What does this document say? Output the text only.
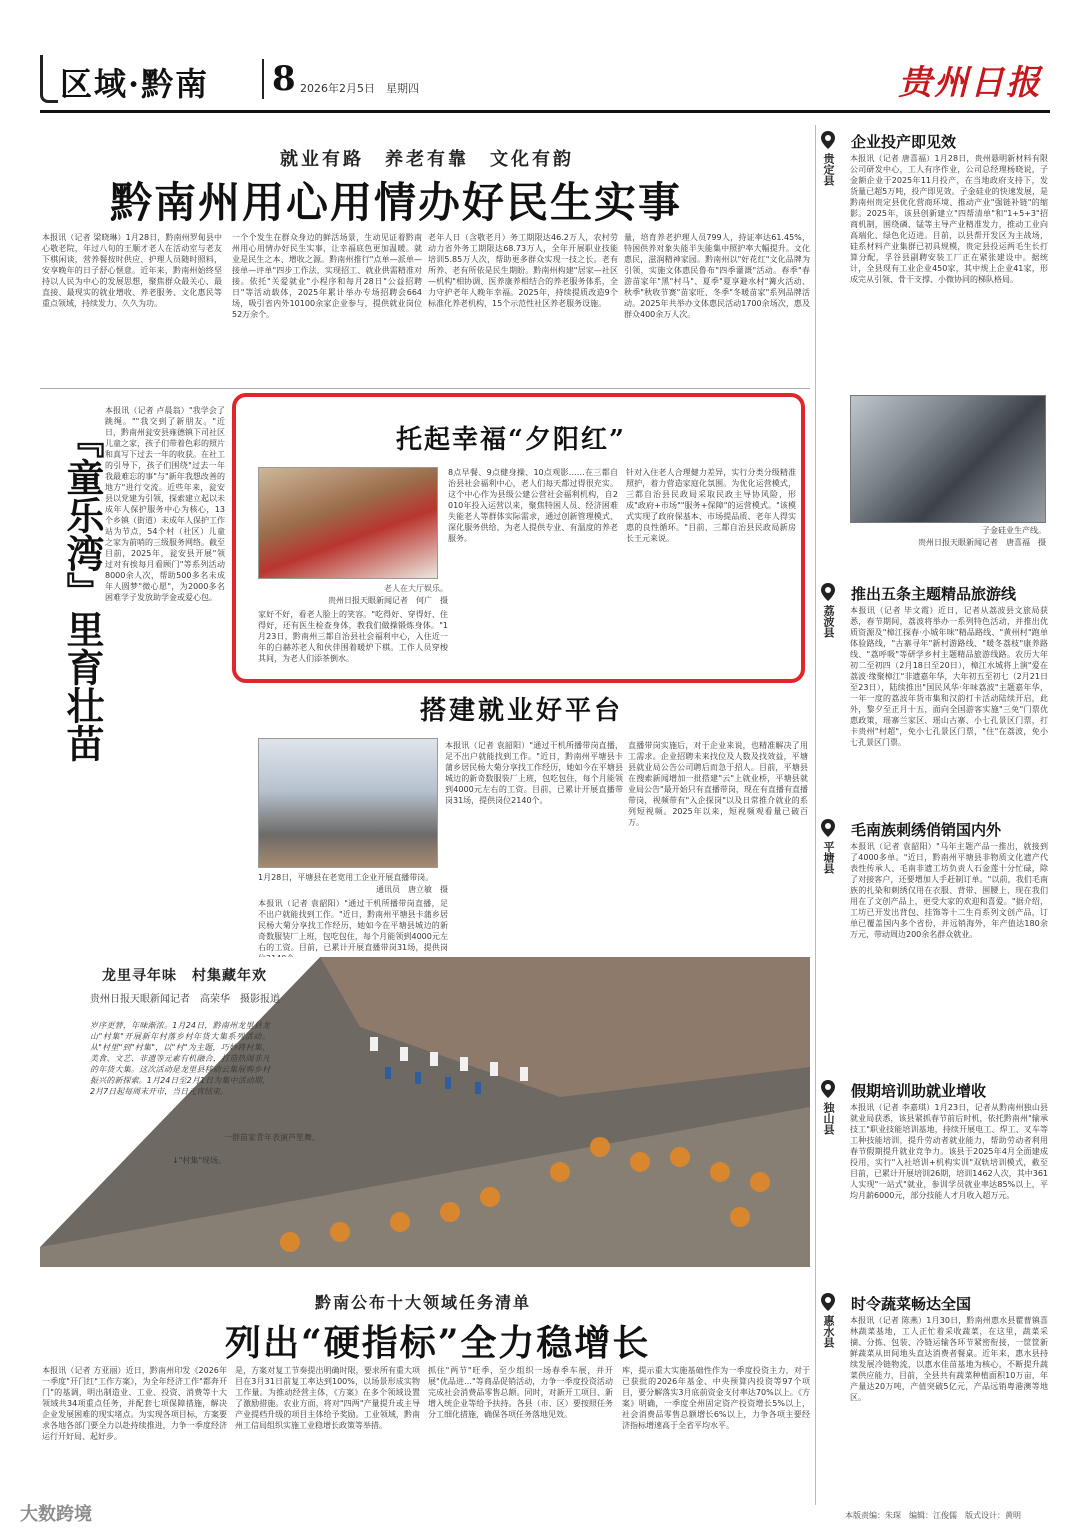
区域·黔南 8 2026年2月5日　星期四	贵州日报
就业有路　养老有靠　文化有韵
黔南州用心用情办好民生实事
本报讯（记者 梁晓琳）1月28日，黔南州罗甸县中心敬老院，年过八旬的王顺才老人在活动室与老友下棋闲谈，营养餐按时供应、护理人员随时照料，安享晚年的日子舒心惬意。近年来，黔南州始终坚持以人民为中心的发展思想，聚焦群众最关心、最直接、最现实的就业增收、养老服务、文化惠民等重点领域，持续发力、久久为功。
一个个发生在群众身边的鲜活场景，生动见证着黔南州用心用情办好民生实事，让幸福底色更加温暖。就业是民生之本、增收之源。黔南州推行"点单—派单—接单—评单"四步工作法，实现招工、就业供需精准对接。依托"关爱就业"小程序和每月28日"公益招聘日"等活动载体，2025年累计举办专场招聘会664场，吸引省内外10100余家企业参与，提供就业岗位52万余个。
老年人日（含敬老月）务工期限达46.2万人，农村劳动力省外务工期限达68.73万人，全年开展职业技能培训5.85万人次，帮助更多群众实现一技之长。老有所养、老有所依是民生期盼。黔南州构建"居家—社区—机构"相协调、医养康养相结合的养老服务体系，全力守护老年人晚年幸福。2025年，持续提质改造9个标准化养老机构，15个示范性社区养老服务设施。
量，培育养老护理人员799人，持证率达61.45%，特困供养对象失能半失能集中照护率大幅提升。文化惠民，滋润精神家园。黔南州以"好花红"文化品牌为引领，实施文体惠民鲁布"四季灌溉"活动。春季"春游苗家年"黑"村马"、夏季"夏享避水村"篝火活动、秋季"秋收节赛"苗家旺、冬季"冬暖苗家"系列品牌活动。2025年共举办文体惠民活动1700余场次，惠及群众400余万人次。
『童乐湾』里育壮苗
本报讯（记者 卢晨翁）"我学会了跳绳。""我交到了新朋友。"近日，黔南州瓮安县雍德镇下司社区儿童之家，孩子们带着色彩的照片和真写下过去一年的收获。在社工的引导下，孩子们围绕"过去一年我最难忘的事"与"新年我想改善的地方"进行交流。近些年来，瓮安县以党建为引领，探索建立起以未成年人保护服务中心为核心，13个乡镇（街道）未成年人保护工作站为节点，54个村（社区）儿童之家为前哨的三级服务网络。截至目前，2025年，瓮安县开展"领过对有挨每月看顾门"等系列活动8000余人次，帮助500多名未成年人圆梦"微心愿"，为2000多名困难学子发放助学金或爱心包。
托起幸福“夕阳红”
老人在大厅娱乐。
贵州日报天眼新闻记者　何广　摄
家好不好，看老人脸上的笑容。"吃得好、穿得好、住得好，还有医生检查身体，教我们做操锻炼身体。"1月23日，黔南州三都自治县社会福利中心，入住近一年的白赫苏老人和伙伴围着暖炉下棋。工作人员穿梭其间，为老人们添茶倒水。
8点早餐、9点健身操、10点观影……在三都自治县社会福利中心，老人们每天都过得很充实。这个中心作为县级公建公营社会福利机构，自2010年投入运营以来，聚焦特困人员、经济困难失能老人等群体实际需求，通过创新管理模式、深化服务供给，为老人提供专业、有温度的养老服务。
针对入住老人合理健力差异，实行分类分级精准照护，着力营造家庭化氛围。为优化运营模式，三都自治县民政局采取民政主导协风险，形成"政府+市场""服务+保障"的运营模式。"该模式实现了政府保基本、市场提品质、老年人得实惠的良性循环。"目前，三都自治县民政局新房长王元来说。
搭建就业好平台
1月28日，平塘县在老宽用工企业开展直播带岗。
通讯员　唐立敏　摄
本报讯（记者 袁韶阳）"通过干机所播带岗直播，足不出户就能找到工作。"近日，黔南州平塘县卡蒲乡居民杨大菊分享找工作经历，她如今在平塘县城边的新奇数服装厂上班，包吃包住，每个月能领到4000元左右的工资。目前，已累计开展直播带岗31场，提供岗
本报讯（记者 袁韶阳）"通过干机所播带岗直播，足不出户就能找到工作。"近日，黔南州平塘县卡蒲乡居民杨大菊分享找工作经历，她如今在平塘县城边的新奇数服装厂上班，包吃包住，每个月能领到4000元左右的工资。目前，已累计开展直播带岗31场，提供岗位2140个。
直播带岗实施后，对于企业来说，也精准解决了用工需求。企业招聘未来找位及人数及找效益，平塘县就业局公告公司聘后而急于招人。目前，平塘县在搜索新闻增加一批搭建"云"上就业桥，平塘县就业局公告"最开始只有直播带岗，现在有直播有直播带岗，视频带有"入企探岗"以及日常推介就业的系列短视频。2025年以来，短视频观看量已破百万。
龙里寻年味　村集藏年欢
贵州日报天眼新闻记者　高荣华　摄影报道
岁序更替，年味渐浓。1月24日，黔南州龙里县龙山"村集"开展新年村落乡村年货大集系列活动。从"村里"到"村集"，以"村"为主题，巧妙将村集、美食、文艺、非遗等元素有机融合，打造热闹非凡的年货大集。这次活动是龙里县移动云集展购乡村振兴的新探索。1月24日至2月1日为集中活动期，2月7日起每周末开市，当日元宵结束。
一群苗家青年表演芦笙舞。
↓"村集"现场。
黔南公布十大领域任务清单
列出“硬指标”全力稳增长
本报讯（记者 方亚丽）近日，黔南州印发《2026年一季度"开门红"工作方案》，为全年经济工作"都奔开门"的基调，明出制造业、工业、投资、消费等十大领域共34项重点任务，并配套七项保障措施，解决企业发展困难的现实堵点。为实现各项目标，方案要求各地各部门要全力以赴持续推进，力争一季度经济运行开好局、起好步。
是，方案对复工节奏提出明确时限，要求所有重大项目在3月31日前复工率达到100%，以场景形成实物工作量。为推动经营主体，《方案》在多个领域设置了激励措施。农业方面，将对"四两"产量提升或主导产业提档升级的项目主体给予奖励。工业领域，黔南州工信局组织实施工业稳增长政策等举措。
抓住"两节"旺季，至少组织一场春季车展，并开展"优品进…"等商品促销活动，力争一季度投资活动完成社会消费品零售总额。同时，对新开工项目、新增入统企业等给予扶持。各县（市、区）要按照任务分工细化措施，确保各项任务落地见效。
库，提示重大实施基础性作为一季度投资主力，对于已获批的2026年基金、中央预算内投资等97个项目，要分解落实3月底前资金支付率达70%以上。《方案》明确，一季度全州固定资产投资增长5%以上，社会消费品零售总额增长6%以上，力争各项主要经济指标增速高于全省平均水平。
贵定县
企业投产即见效
本报讯（记者 唐喜福）1月28日，贵州悬明新材料有限公司研发中心，工人有序作业，公司总经理杨晓说，子金额企业于2025年11月投产，在当地政府支持下，发货量已超5万吨，投产即见效。子金硅业的快速发展，是黔南州贵定县优化营商环境、推动产业"强链补链"的缩影。2025年，该县创新建立"四帮清单"和"1+5+3"招商机制，围绕磷、锰等主导产业精准发力，推动工业向高端化、绿色化迈进。目前，以县帮开发区为主战场，硅系材料产业集群已初具规模，贵定县投运两毛生长打算分配，孚谷县副聘安装工厂正在紧张建设中。据统计，全县现有工业企业450家，其中规上企业41家，形成完从引领、骨干支撑、小微协同的梯队格局。
子金硅业生产线。
贵州日报天眼新闻记者　唐喜福　摄
荔波县
推出五条主题精品旅游线
本报讯（记者 毕文霞）近日，记者从荔波县文旅局获悉，春节期间，荔波将举办一系列特色活动，并推出优质资源及"樟江探春·小城年味"精品路线、"黄州村"跑单体验路线，"古寨寻年"新村游路线、"暖冬荔枝"康养路线、"荔呼吸"等研学乡村主题精品旅游线路。农历大年初二至初四（2月18日至20日），樟江水城将上演"爱在荔波·缘聚樟江"非遗嘉年华，大年初五至初七（2月21日至23日），陆续推出"国民风华·年味荔波"主题嘉年华，一年一度的荔波年货市集和汉韵打卡活动陆续开启，此外，黎夕至正月十五，面向全国游客实施"三免"门票优惠政策，瑶寨兰家区、瑶山古寨、小七孔景区门票，打卡贵州"村超"，免小七孔景区门票，"住"在荔波，免小七孔景区门票。
平塘县
毛南族刺绣俏销国内外
本报讯（记者 袁韶阳）"马年主题产品一推出，就接到了4000多单。"近日，黔南州平塘县非物质文化遗产代表性传承人、毛南非遗工坊负责人石金莲十分忙碌，除了对接客户，还要增加人手赶制订单。"以前，我们毛南族的扎染和刺绣仅用在衣服、背带、围腰上，现在我们用在了文创产品上，更受大家的欢迎和喜爱。"据介绍，工坊已开发出背包、挂饰等十二生肖系列文创产品，订单已覆盖国内多个省份，并远销海外，年产值达180余万元，带动周边200余名群众就业。
独山县
假期培训助就业增收
本报讯（记者 李嘉琪）1月23日，记者从黔南州独山县就业局获悉，该县紧抓春节前后时机，依托黔南州"输承技工"职业技能培训基地，持续开展电工、焊工、叉车等工种技能培训，提升劳动者就业能力，帮助劳动者利用春节假期提升就业竞争力。该县于2025年4月全面建成投用，实行"入社培训+机构实训"双轨培训模式，截至目前，已累计开展培训26期，培训1462人次，其中361人实现"一站式"就业，参训学员就业率达85%以上，平均月薪6000元，部分技能人才月收入超万元。
惠水县
时令蔬菜畅达全国
本报讯（记者 陈燕）1月30日，黔南州惠水县瞿曹镇喜林蔬菜基地，工人正忙着采收蔬菜，在这里，蔬菜采摘、分拣、包装、冷链运输各环节紧密衔接，一筐筐新鲜蔬菜从田间地头直达消费者餐桌。近年来，惠水县持续发展冷链物流，以惠水佳苗基地为核心，不断提升蔬菜供应能力，目前，全县共有蔬菜种植面积10万亩，年产量达20万吨，产值突破5亿元，产品远销粤港澳等地区。
本版责编：朱琛　编辑：江俊儒　版式设计：黄明
大数跨境
